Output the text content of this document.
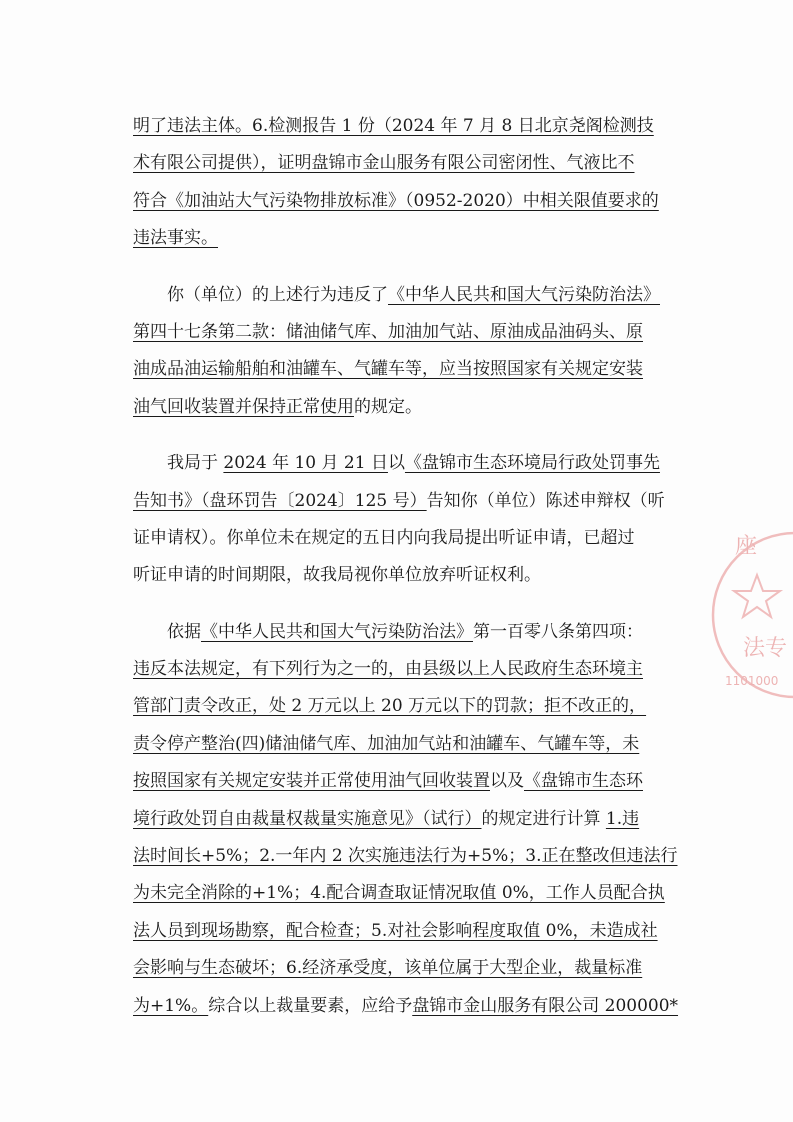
明了违法主体。6.检测报告 1 份（2024 年 7 月 8 日北京尧阁检测技
术有限公司提供），证明盘锦市金山服务有限公司密闭性、气液比不
符合《加油站大气污染物排放标准》（0952-2020）中相关限值要求的
违法事实。
你（单位）的上述行为违反了《中华人民共和国大气污染防治法》
第四十七条第二款：储油储气库、加油加气站、原油成品油码头、原
油成品油运输船舶和油罐车、气罐车等，应当按照国家有关规定安装
油气回收装置并保持正常使用的规定。
我局于 2024 年 10 月 21 日以《盘锦市生态环境局行政处罚事先
告知书》（盘环罚告〔2024〕125 号）告知你（单位）陈述申辩权（听
证申请权）。你单位未在规定的五日内向我局提出听证申请，已超过
听证申请的时间期限，故我局视你单位放弃听证权利。
依据《中华人民共和国大气污染防治法》第一百零八条第四项：
违反本法规定，有下列行为之一的，由县级以上人民政府生态环境主
管部门责令改正，处 2 万元以上 20 万元以下的罚款；拒不改正的，
责令停产整治(四)储油储气库、加油加气站和油罐车、气罐车等，未
按照国家有关规定安装并正常使用油气回收装置以及《盘锦市生态环
境行政处罚自由裁量权裁量实施意见》（试行）的规定进行计算 1.违
法时间长+5%；2.一年内 2 次实施违法行为+5%；3.正在整改但违法行
为未完全消除的+1%；4.配合调查取证情况取值 0%，工作人员配合执
法人员到现场勘察，配合检查；5.对社会影响程度取值 0%，未造成社
会影响与生态破坏；6.经济承受度，该单位属于大型企业，裁量标准
为+1%。综合以上裁量要素，应给予盘锦市金山服务有限公司 200000*
座
法专
1101000
